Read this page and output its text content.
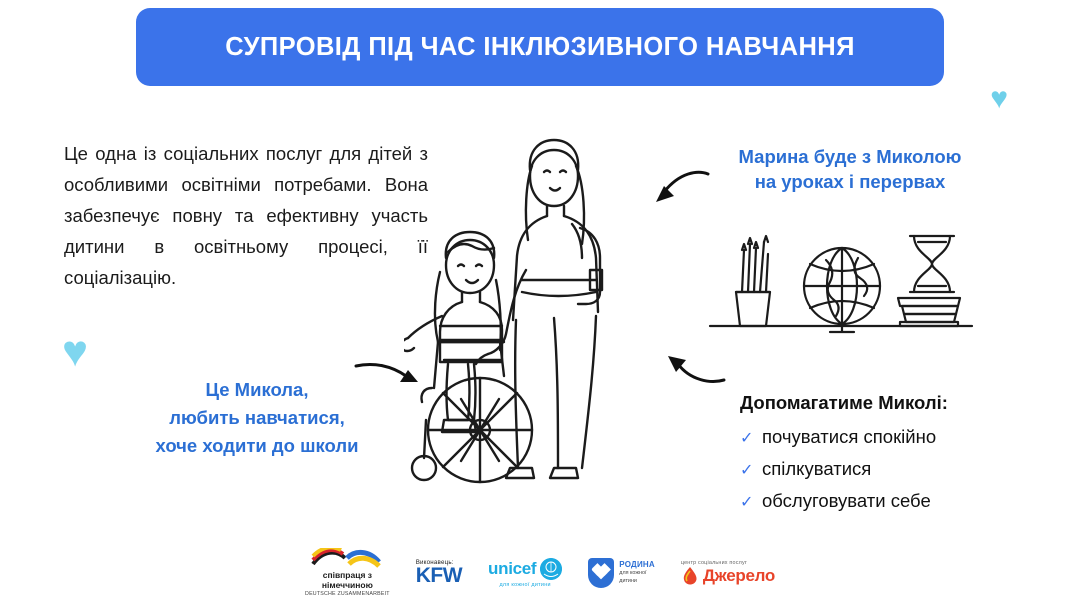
СУПРОВІД ПІД ЧАС ІНКЛЮЗИВНОГО НАВЧАННЯ
♥
♥
Це одна із соціальних послуг для дітей з особливими освітніми потребами. Вона забезпечує повну та ефективну участь дитини в освітньому процесі, її соціалізацію.
Марина буде з Миколою
на уроках і перервах
Це Микола,
любить навчатися,
хоче ходити до школи
Допомагатиме Миколі:
✓ почуватися спокійно
✓ спілкуватися
✓ обслуговувати себе
співпраця з
німеччиною
DEUTSCHE ZUSAMMENARBEIT
Виконавець:
KFW unicef
для кожної дитини
РОДИНА
для кожної
дитини
центр соціальних послуг
Джерело
